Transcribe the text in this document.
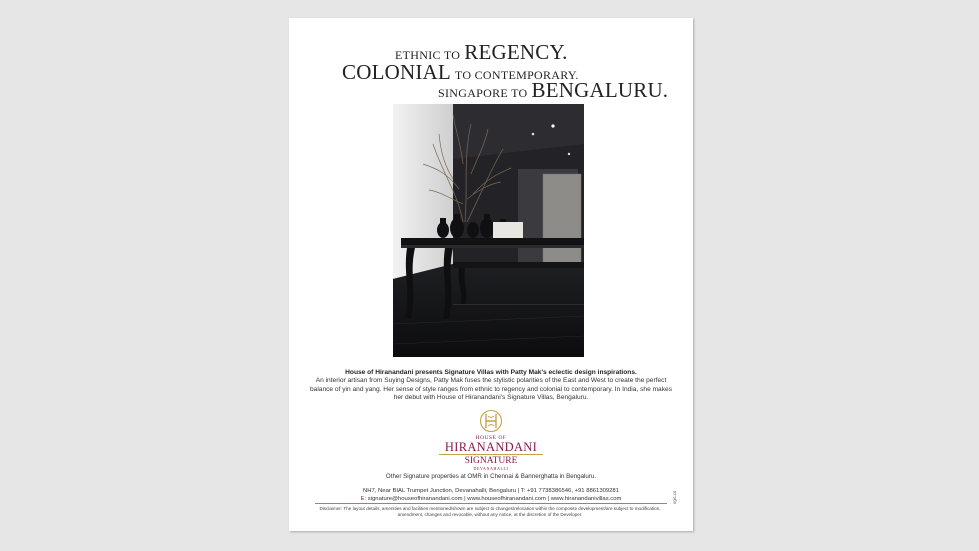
ETHNIC TO REGENCY.
COLONIAL TO CONTEMPORARY.
SINGAPORE TO BENGALURU.
House of Hiranandani presents Signature Villas with Patty Mak's eclectic design inspirations.
An interior artisan from Suying Designs, Patty Mak fuses the stylistic polarities of the East and West to create the perfect balance of yin and yang. Her sense of style ranges from ethnic to regency and colonial to contemporary. In India, she makes her debut with House of Hiranandani's Signature Villas, Bengaluru.
HOUSE OF
HIRANANDANI
SIGNATURE
DEVANAHALLI
Other Signature properties at OMR in Chennai & Bannerghatta in Bengaluru.
NH7, Near BIAL Trumpet Junction, Devanahalli, Bengaluru | T: +91 7738386546, +91 8861309281
E: signature@houseofhiranandani.com | www.houseofhiranandani.com | www.hiranandanivillas.com
Disclaimer: The layout details, amenities and facilities mentioned/shown are subject to changes/relocation within the composite development/are subject to modification, amendment, changes and revocable, without any notice, at the discretion of the Developer.
ogic.co
